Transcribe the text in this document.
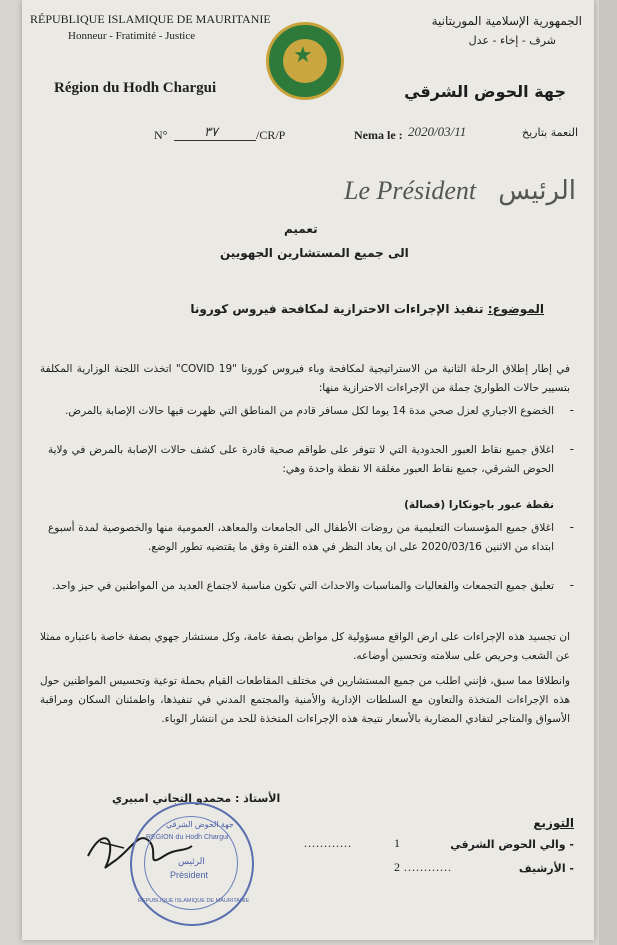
RÉPUBLIQUE ISLAMIQUE DE MAURITANIE
Honneur - Fratimité - Justice
Région du Hodh Chargui
★
الجمهورية الإسلامية الموريتانية
شرف - إخاء - عدل
جهة الحوض الشرقي
N°	٣٧	/CR/P	Nema le : 2020/03/11	النعمة بتاريخ
Le Président الرئيس
تعميم
الى جميع المستشارين الجهويين
الموضوع: تنفيذ الإجراءات الاحترازية لمكافحة فيروس كورونا
في إطار إطلاق الرحلة الثانية من الاستراتيجية لمكافحة وباء فيروس كورونا "COVID 19" اتخذت اللجنة الوزارية المكلفة بتسيير حالات الطوارئ جملة من الإجراءات الاحترازية منها:
-
الخضوع الاجباري لعزل صحي مدة 14 يوما لكل مسافر قادم من المناطق التي ظهرت فيها حالات الإصابة بالمرض.
-
اغلاق جميع نقاط العبور الحدودية التي لا تتوفر على طواقم صحية قادرة على كشف حالات الإصابة بالمرض في ولاية الحوض الشرقي، جميع نقاط العبور مغلقة الا نقطة واحدة وهي:
نقطة عبور باجونكارا (فصالة)
-
اغلاق جميع المؤسسات التعليمية من روضات الأطفال الى الجامعات والمعاهد، العمومية منها والخصوصية لمدة أسبوع ابتداء من الاثنين 2020/03/16 على ان يعاد النظر في هذه الفترة وفق ما يقتضيه تطور الوضع.
-
تعليق جميع التجمعات والفعاليات والمناسبات والاحداث التي تكون مناسبة لاجتماع العديد من المواطنين في حيز واحد.
ان تجسيد هذه الإجراءات على ارض الواقع مسؤولية كل مواطن بصفة عامة، وكل مستشار جهوي بصفة خاصة باعتباره ممثلا عن الشعب وحريص على سلامته وتحسين أوضاعه.
وانطلاقا مما سبق، فإنني اطلب من جميع المستشارين في مختلف المقاطعات القيام بحملة توعية وتحسيس المواطنين حول هذه الإجراءات المتخذة والتعاون مع السلطات الإدارية والأمنية والمجتمع المدني في تنفيذها، واطمئنان السكان ومراقبة الأسواق والمتاجر لتفادي المضاربة بالأسعار نتيجة هذه الإجراءات المتخذة للحد من انتشار الوباء.
الأستاذ : محمدو التجاني امبيري
جهة الحوض الشرقي
REGION du Hodh Chargui
الرئيس
Président
REPUBLIQUE ISLAMIQUE DE MAURITANIE
التوزيع
- والي الحوض الشرقي
............	1
- الأرشيف
............
2
